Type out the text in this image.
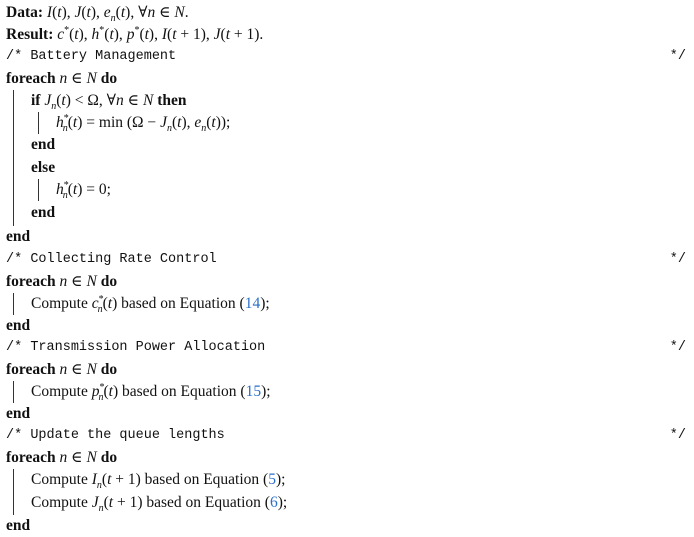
Data: I(t), J(t), $e_n(t)$, ∀n ∈ N.
Result: c*(t), h*(t), p*(t), I(t + 1), J(t + 1).
/* Battery Management	*/
foreach n ∈ N do
if $J_n(t) < \Omega$, ∀n ∈ N then
$h^*_n(t) = \min (\Omega - J_n(t)$, $e_n(t)$);
end
else
$h^*_n(t) = 0$;
end
end
/* Collecting Rate Control	*/
foreach n ∈ N do
Compute $c^*_n(t)$ based on Equation (14);
end
/* Transmission Power Allocation	*/
foreach n ∈ N do
Compute $p^*_n(t)$ based on Equation (15);
end
/* Update the queue lengths	*/
foreach n ∈ N do
Compute $I_n(t + 1)$ based on Equation (5);
Compute $J_n(t + 1)$ based on Equation (6);
end
